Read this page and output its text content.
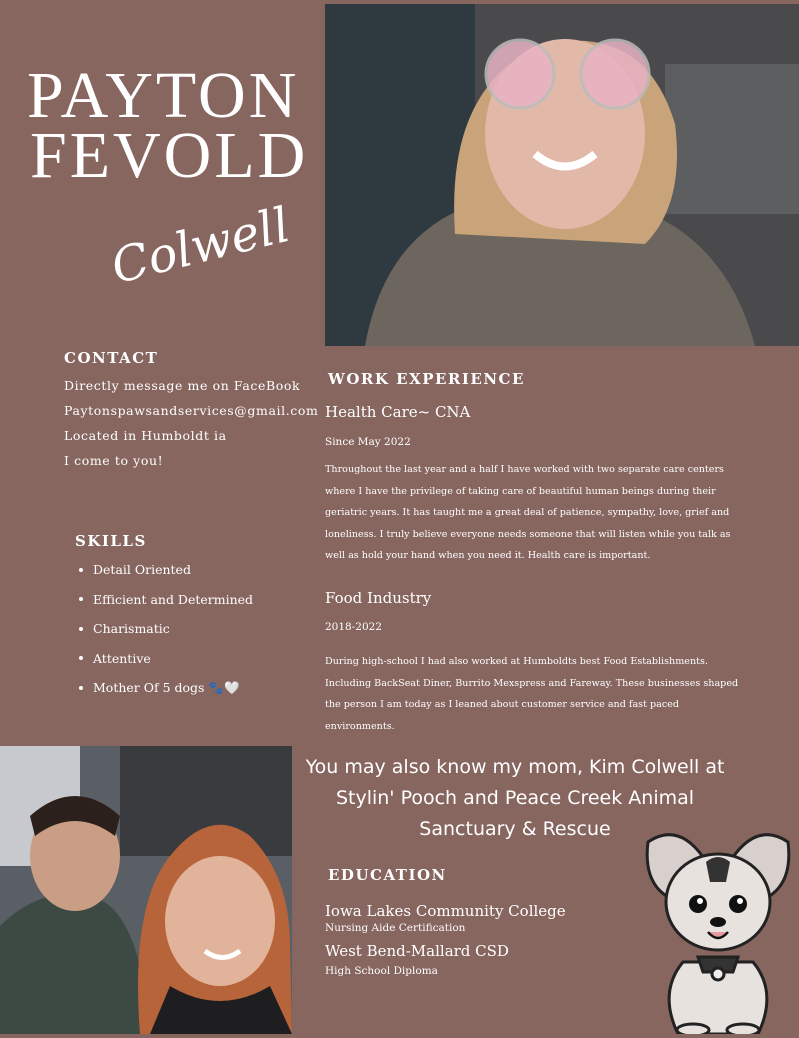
PAYTON
FEVOLD
Colwell
CONTACT
Directly message me on FaceBook
Paytonspawsandservices@gmail.com
Located in Humboldt ia
I come to you!
SKILLS
Detail Oriented
Efficient and Determined
Charismatic
Attentive
Mother Of 5 dogs 🐾🤍
WORK EXPERIENCE
Health Care~ CNA
Since May 2022
Throughout the last year and a half I have worked with two separate care centers
where I have the privilege of taking care of beautiful human beings during their
geriatric years. It has taught me a great deal of patience, sympathy, love, grief and
loneliness. I truly believe everyone needs someone that will listen while you talk as
well as hold your hand when you need it. Health care is important.
Food Industry
2018-2022
During high-school I had also worked at Humboldts best Food Establishments.
Including BackSeat Diner, Burrito Mexspress and Fareway. These businesses shaped
the person I am today as I leaned about customer service and fast paced
environments.
You may also know my mom, Kim Colwell at
Stylin' Pooch and Peace Creek Animal
Sanctuary & Rescue
EDUCATION
Iowa Lakes Community College
Nursing Aide Certification
West Bend-Mallard CSD
High School Diploma
